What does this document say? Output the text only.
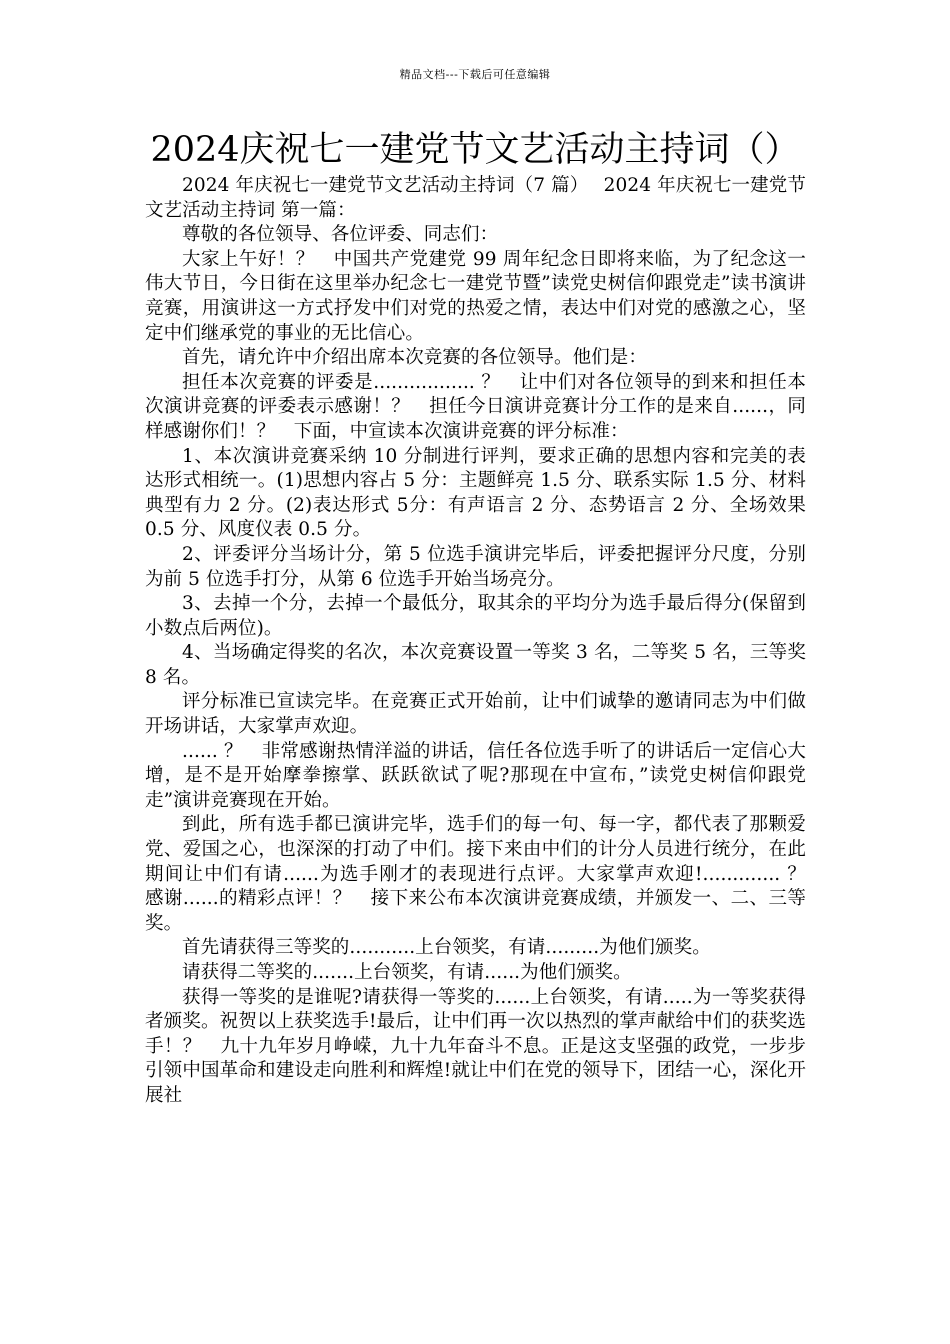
精品文档---下载后可任意编辑
2024庆祝七一建党节文艺活动主持词（）

2024 年庆祝七一建党节文艺活动主持词（7 篇）　 2024 年庆祝七一建党节文艺活动主持词 第一篇：

尊敬的各位领导、各位评委、同志们：

大家上午好！？　中国共产党建党 99 周年纪念日即将来临，为了纪念这一伟大节日，今日街在这里举办纪念七一建党节暨”读党史树信仰跟党走”读书演讲竞赛，用演讲这一方式抒发中们对党的热爱之情，表达中们对党的感激之心，坚定中们继承党的事业的无比信心。

首先，请允许中介绍出席本次竞赛的各位领导。他们是：

担任本次竞赛的评委是................. ？　让中们对各位领导的到来和担任本次演讲竞赛的评委表示感谢！？　担任今日演讲竞赛计分工作的是来自......，同样感谢你们！？　下面，中宣读本次演讲竞赛的评分标准：

1、本次演讲竞赛采纳 10 分制进行评判，要求正确的思想内容和完美的表达形式相统一。(1)思想内容占 5 分：主题鲜亮 1.5 分、联系实际 1.5 分、材料典型有力 2 分。(2)表达形式 5分：有声语言 2 分、态势语言 2 分、全场效果 0.5 分、风度仪表 0.5 分。

2、评委评分当场计分，第 5 位选手演讲完毕后，评委把握评分尺度，分别为前 5 位选手打分，从第 6 位选手开始当场亮分。

3、去掉一个分，去掉一个最低分，取其余的平均分为选手最后得分(保留到小数点后两位)。

4、当场确定得奖的名次，本次竞赛设置一等奖 3 名，二等奖 5 名，三等奖 8 名。

评分标准已宣读完毕。在竞赛正式开始前，让中们诚挚的邀请同志为中们做开场讲话，大家掌声欢迎。

...... ？　非常感谢热情洋溢的讲话，信任各位选手听了的讲话后一定信心大增，是不是开始摩拳擦掌、跃跃欲试了呢?那现在中宣布，”读党史树信仰跟党走”演讲竞赛现在开始。

到此，所有选手都已演讲完毕，选手们的每一句、每一字，都代表了那颗爱党、爱国之心，也深深的打动了中们。接下来由中们的计分人员进行统分，在此期间让中们有请......为选手刚才的表现进行点评。大家掌声欢迎!............. ？　感谢......的精彩点评！？　接下来公布本次演讲竞赛成绩，并颁发一、二、三等奖。

首先请获得三等奖的...........上台领奖，有请.........为他们颁奖。

请获得二等奖的.......上台领奖，有请......为他们颁奖。

获得一等奖的是谁呢?请获得一等奖的......上台领奖，有请.....为一等奖获得者颁奖。祝贺以上获奖选手!最后，让中们再一次以热烈的掌声献给中们的获奖选手！？　九十九年岁月峥嵘，九十九年奋斗不息。正是这支坚强的政党，一步步引领中国革命和建设走向胜利和辉煌!就让中们在党的领导下，团结一心，深化开展社
